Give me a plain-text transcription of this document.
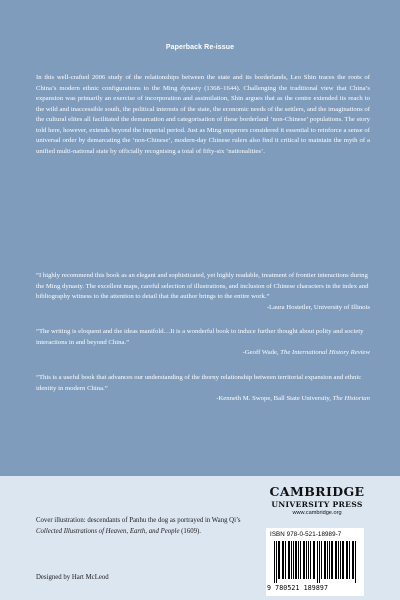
Paperback Re-issue

In this well-crafted 2006 study of the relationships between the state and its borderlands, Leo Shin traces the roots of China’s modern ethnic configurations to the Ming dynasty (1368–1644). Challenging the traditional view that China’s expansion was primarily an exercise of incorporation and assimilation, Shin argues that as the centre extended its reach to the wild and inaccessible south, the political interests of the state, the economic needs of the settlers, and the imaginations of the cultural elites all facilitated the demarcation and categorisation of these borderland ‘non-Chinese’ populations. The story told here, however, extends beyond the imperial period. Just as Ming emperors considered it essential to reinforce a sense of universal order by demarcating the ‘non-Chinese’, modern-day Chinese rulers also find it critical to maintain the myth of a unified multi-national state by officially recognising a total of fifty-six ‘nationalities’.

“I highly recommend this book as an elegant and sophisticated, yet highly readable, treatment of frontier interactions during the Ming dynasty. The excellent maps, careful selection of illustrations, and inclusion of Chinese characters in the index and bibliography witness to the attention to detail that the author brings to the entire work.”
-Laura Hostetler, University of Illinois
“The writing is eloquent and the ideas manifold…It is a wonderful book to induce further thought about polity and society interactions in and beyond China.”
-Geoff Wade, The International History Review
“This is a useful book that advances our understanding of the thorny relationship between territorial expansion and ethnic identity in modern China.”
-Kenneth M. Swope, Ball State University, The Historian

Cover illustration: descendants of Panhu the dog as portrayed in Wang Qi’s Collected Illustrations of Heaven, Earth, and People (1609).

Designed by Hart McLeod
CAMBRIDGE
UNIVERSITY PRESS
www.cambridge.org
ISBN 978-0-521-18989-7
9 780521 189897
